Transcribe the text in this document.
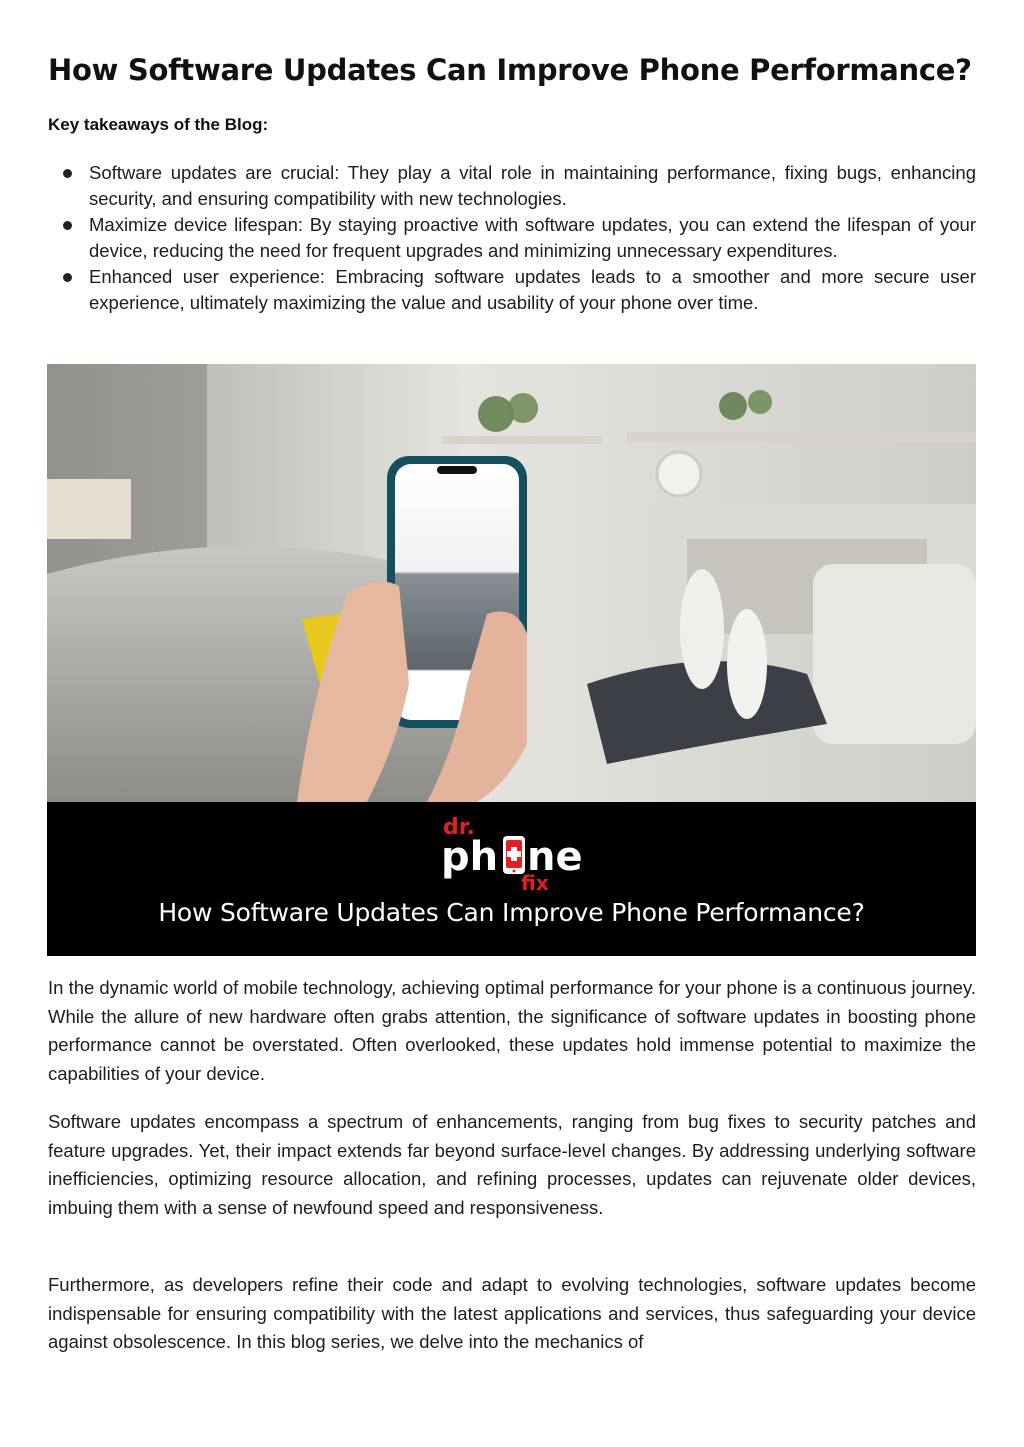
How Software Updates Can Improve Phone Performance?

Key takeaways of the Blog:

Software updates are crucial: They play a vital role in maintaining performance, fixing bugs, enhancing security, and ensuring compatibility with new technologies.
Maximize device lifespan: By staying proactive with software updates, you can extend the lifespan of your device, reducing the need for frequent upgrades and minimizing unnecessary expenditures.
Enhanced user experience: Embracing software updates leads to a smoother and more secure user experience, ultimately maximizing the value and usability of your phone over time.
dr.
ph ne
fix
How Software Updates Can Improve Phone Performance?

In the dynamic world of mobile technology, achieving optimal performance for your phone is a continuous journey. While the allure of new hardware often grabs attention, the significance of software updates in boosting phone performance cannot be overstated. Often overlooked, these updates hold immense potential to maximize the capabilities of your device.

Software updates encompass a spectrum of enhancements, ranging from bug fixes to security patches and feature upgrades. Yet, their impact extends far beyond surface-level changes. By addressing underlying software inefficiencies, optimizing resource allocation, and refining processes, updates can rejuvenate older devices, imbuing them with a sense of newfound speed and responsiveness.

Furthermore, as developers refine their code and adapt to evolving technologies, software updates become indispensable for ensuring compatibility with the latest applications and services, thus safeguarding your device against obsolescence. In this blog series, we delve into the mechanics of
